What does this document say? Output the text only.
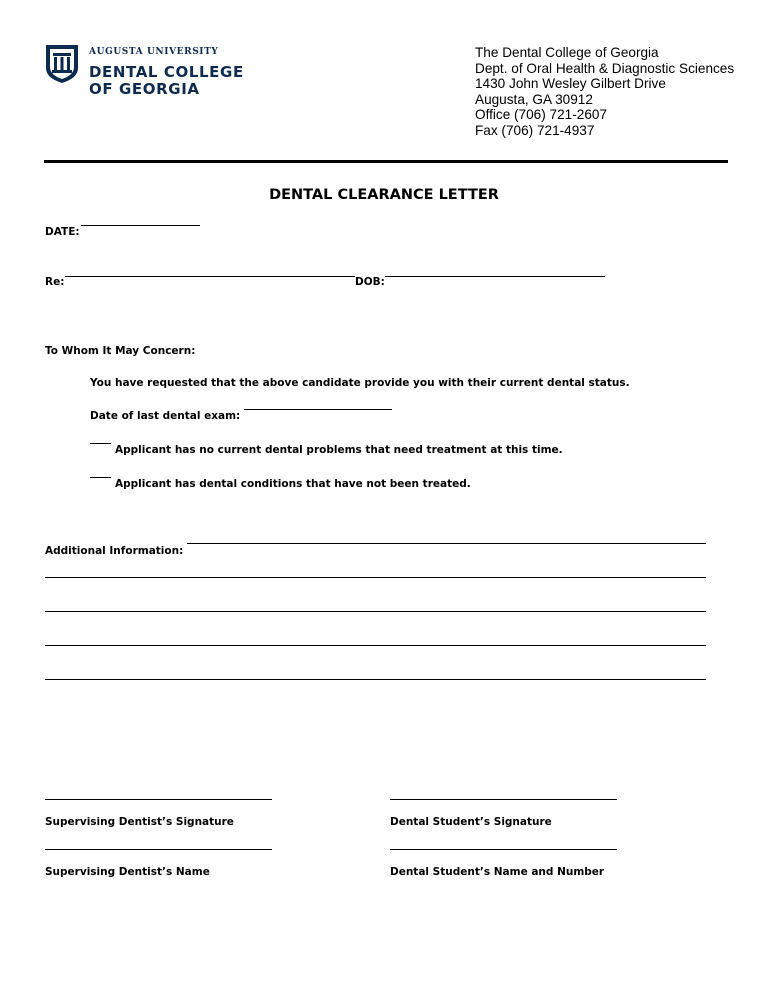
AUGUSTA UNIVERSITY
DENTAL COLLEGE
OF GEORGIA
The Dental College of Georgia
Dept. of Oral Health & Diagnostic Sciences
1430 John Wesley Gilbert Drive
Augusta, GA 30912
Office (706) 721-2607
Fax (706) 721-4937
DENTAL CLEARANCE LETTER
DATE:
Re:	DOB:
To Whom It May Concern:
You have requested that the above candidate provide you with their current dental status.
Date of last dental exam:
Applicant has no current dental problems that need treatment at this time.
Applicant has dental conditions that have not been treated.
Additional Information:
Supervising Dentist’s Signature	Dental Student’s Signature
Supervising Dentist’s Name	Dental Student’s Name and Number
